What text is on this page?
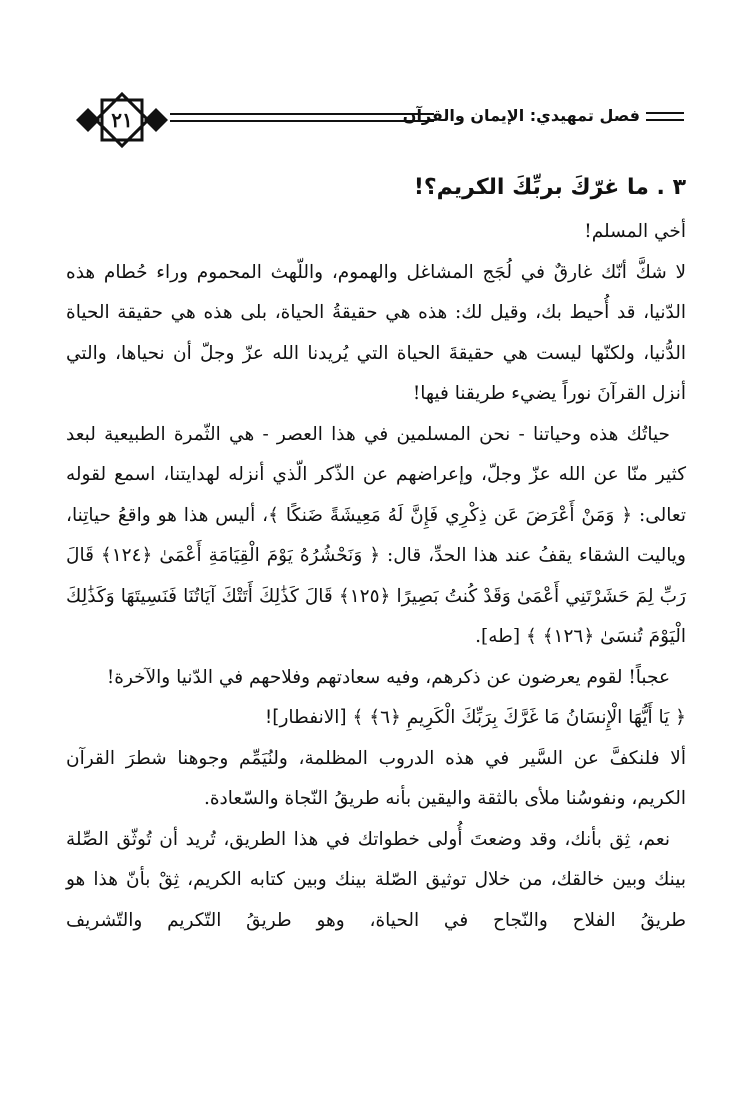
٢١	فصل تمهيدي: الإيمان والقرآن

٣ . ما غرّكَ بربِّكَ الكريم؟!

أخي المسلم!

لا شكَّ أنّك غارقٌ في لُجَج المشاغل والهموم، واللّهث المحموم وراء حُطام هذه الدّنيا، قد أُحيط بك، وقيل لك: هذه هي حقيقةُ الحياة، بلى هذه هي حقيقة الحياة الدُّنيا، ولكنّها ليست هي حقيقةَ الحياة التي يُريدنا الله عزّ وجلّ أن نحياها، والتي أنزل القرآنَ نوراً يضيء طريقنا فيها!

حياتُك هذه وحياتنا - نحن المسلمين في هذا العصر - هي الثّمرة الطبيعية لبعد كثير منّا عن الله عزّ وجلّ، وإعراضهم عن الذّكر الّذي أنزله لهدايتنا، اسمع لقوله تعالى: ﴿ وَمَنْ أَعْرَضَ عَن ذِكْرِي فَإِنَّ لَهُ مَعِيشَةً ضَنكًا ﴾، أليس هذا هو واقعُ حياتِنا، وياليت الشقاء يقفُ عند هذا الحدِّ، قال: ﴿ وَنَحْشُرُهُ يَوْمَ الْقِيَامَةِ أَعْمَىٰ ﴿١٢٤﴾ قَالَ رَبِّ لِمَ حَشَرْتَنِي أَعْمَىٰ وَقَدْ كُنتُ بَصِيرًا ﴿١٢٥﴾ قَالَ كَذَٰلِكَ أَتَتْكَ آيَاتُنَا فَنَسِيتَهَا وَكَذَٰلِكَ الْيَوْمَ تُنسَىٰ ﴿١٢٦﴾ ﴾ [طه].

عجباً! لقوم يعرضون عن ذكرهم، وفيه سعادتهم وفلاحهم في الدّنيا والآخرة!

﴿ يَا أَيُّهَا الْإِنسَانُ مَا غَرَّكَ بِرَبِّكَ الْكَرِيمِ ﴿٦﴾ ﴾ [الانفطار]!

ألا فلنكفَّ عن السَّير في هذه الدروب المظلمة، ولنُيَمِّم وجوهنا شطرَ القرآن الكريم، ونفوسُنا ملأى بالثقة واليقين بأنه طريقُ النّجاة والسّعادة.

نعم، ثِق بأنك، وقد وضعتَ أُولى خطواتك في هذا الطريق، تُريد أن تُوثّق الصِّلة بينك وبين خالقك، من خلال توثيق الصّلة بينك وبين كتابه الكريم، ثِقْ بأنّ هذا هو طريقُ الفلاح والنّجاح في الحياة، وهو طريقُ التّكريم والتّشريف
